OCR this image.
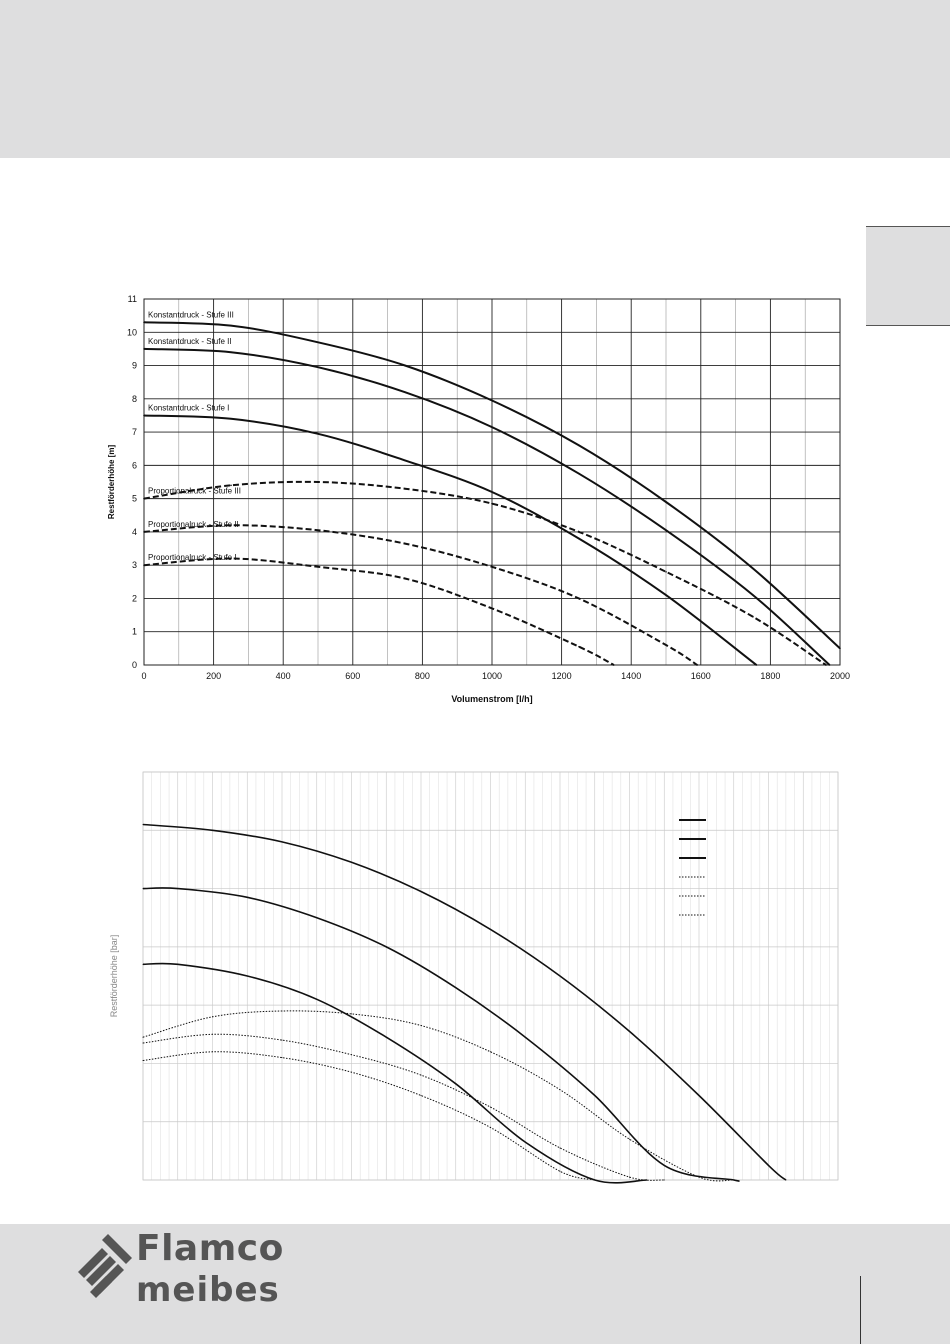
0	200	400	600	800	1000	1200	1400	1600	1800	2000
0
1
2
3
4
5
6
7
8
9
10
11
Volumenstrom [l/h]
Restförderhöhe [m]
Konstantdruck - Stufe III
Konstantdruck - Stufe II
Konstantdruck - Stufe I
Proportionalruck - Stufe III
Proportionalruck - Stufe II
Proportionalruck - Stufe I
Restförderhöhe [bar]
Flamco
meibes
